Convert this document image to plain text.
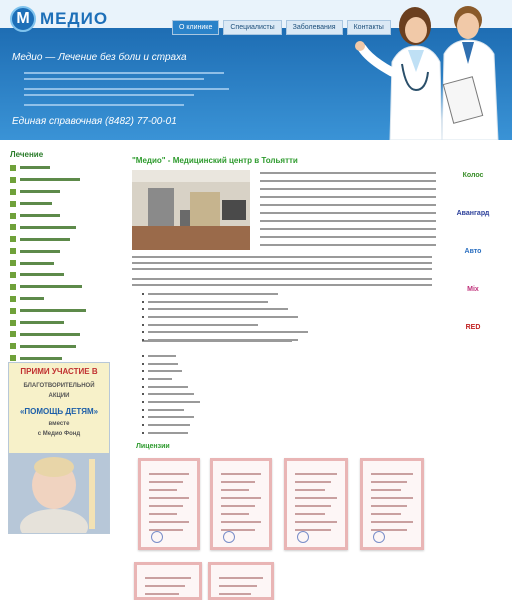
M МЕДИО	О клинике	Специалисты	Заболевания	Контакты
Медио — Лечение без боли и страха
Единая справочная (8482) 77-00-01
Лечение
ПРИМИ УЧАСТИЕ В
БЛАГОТВОРИТЕЛЬНОЙ
АКЦИИ
«ПОМОЩЬ ДЕТЯМ»
вместе
с Медио Фонд
"Медио" - Медицинский центр в Тольятти
Колос
Авангард
Авто
Mix
RED
Лицензии
